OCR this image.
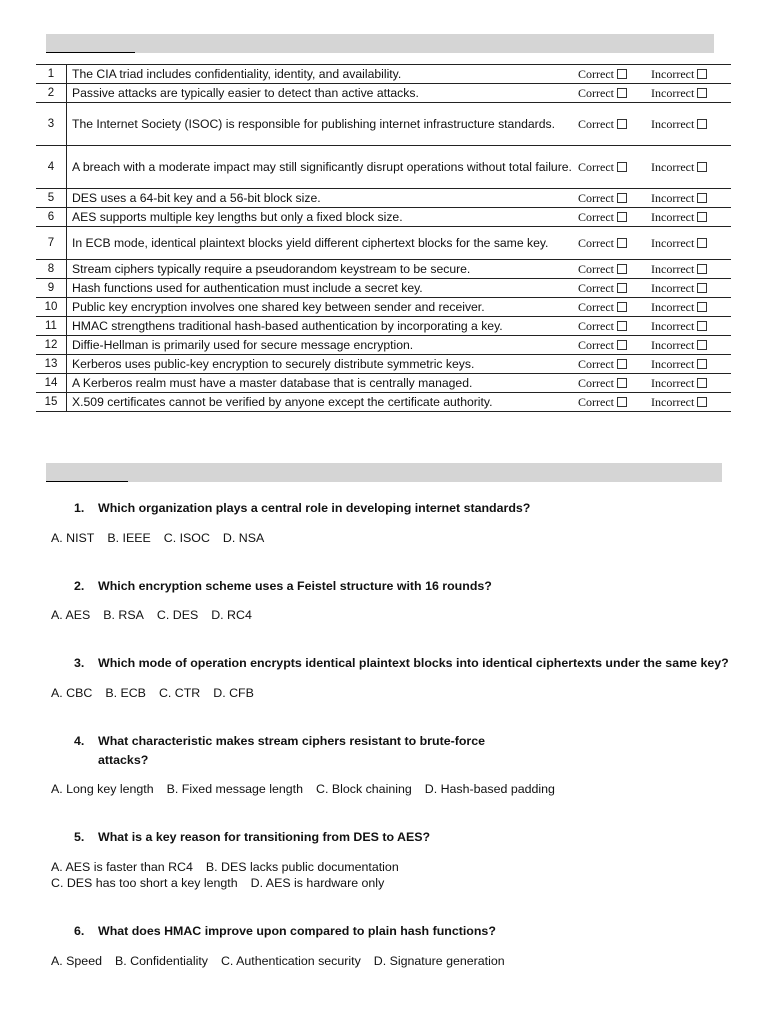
1	The CIA triad includes confidentiality, identity, and availability.	Correct	Incorrect
2	Passive attacks are typically easier to detect than active attacks.	Correct	Incorrect
3	The Internet Society (ISOC) is responsible for publishing internet infrastructure standards.	Correct	Incorrect
4	A breach with a moderate impact may still significantly disrupt operations without total failure.	Correct	Incorrect
5	DES uses a 64-bit key and a 56-bit block size.	Correct	Incorrect
6	AES supports multiple key lengths but only a fixed block size.	Correct	Incorrect
7	In ECB mode, identical plaintext blocks yield different ciphertext blocks for the same key.	Correct	Incorrect
8	Stream ciphers typically require a pseudorandom keystream to be secure.	Correct	Incorrect
9	Hash functions used for authentication must include a secret key.	Correct	Incorrect
10	Public key encryption involves one shared key between sender and receiver.	Correct	Incorrect
11	HMAC strengthens traditional hash-based authentication by incorporating a key.	Correct	Incorrect
12	Diffie-Hellman is primarily used for secure message encryption.	Correct	Incorrect
13	Kerberos uses public-key encryption to securely distribute symmetric keys.	Correct	Incorrect
14	A Kerberos realm must have a master database that is centrally managed.	Correct	Incorrect
15	X.509 certificates cannot be verified by anyone except the certificate authority.	Correct	Incorrect
1. Which organization plays a central role in developing internet standards?
A. NIST B. IEEE C. ISOC D. NSA
2. Which encryption scheme uses a Feistel structure with 16 rounds?
A. AES B. RSA C. DES D. RC4
3. Which mode of operation encrypts identical plaintext blocks into identical ciphertexts under the same key?
A. CBC B. ECB C. CTR D. CFB
4. What characteristic makes stream ciphers resistant to brute-force attacks?
A. Long key length B. Fixed message length C. Block chaining D. Hash-based padding
5. What is a key reason for transitioning from DES to AES?
A. AES is faster than RC4 B. DES lacks public documentation
C. DES has too short a key length D. AES is hardware only
6. What does HMAC improve upon compared to plain hash functions?
A. Speed B. Confidentiality C. Authentication security D. Signature generation
